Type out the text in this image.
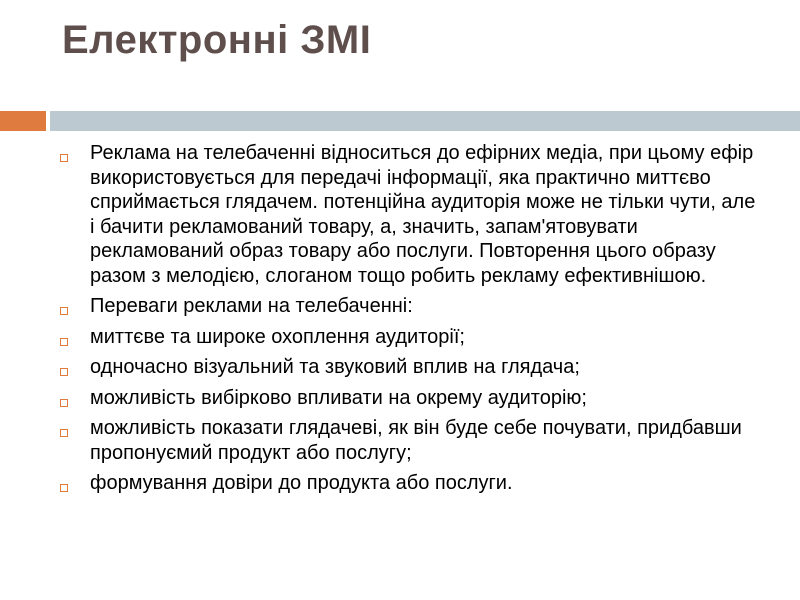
Електронні ЗМІ
Реклама на телебаченні відноситься до ефірних медіа, при цьому ефір використовується для передачі інформації, яка практично миттєво сприймається глядачем. потенційна аудиторія може не тільки чути, але і бачити рекламований товару, а, значить, запам'ятовувати рекламований образ товару або послуги. Повторення цього образу разом з мелодією, слоганом тощо робить рекламу ефективнішою.
Переваги реклами на телебаченні:
миттєве та широке охоплення аудиторії;
одночасно візуальний та звуковий вплив на глядача;
можливість вибірково впливати на окрему аудиторію;
можливість показати глядачеві, як він буде себе почувати, придбавши пропонуємий продукт або послугу;
формування довіри до продукта або послуги.
